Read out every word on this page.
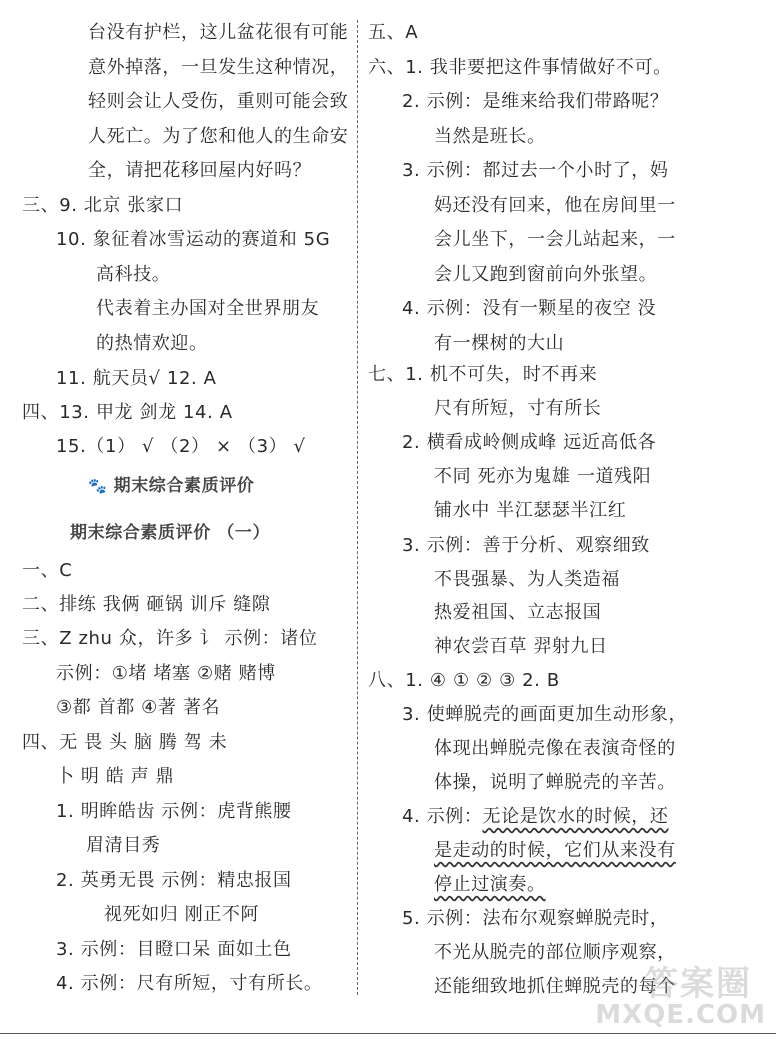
台没有护栏，这儿盆花很有可能
意外掉落，一旦发生这种情况，
轻则会让人受伤，重则可能会致
人死亡。为了您和他人的生命安
全，请把花移回屋内好吗？
三、9. 北京 张家口
10. 象征着冰雪运动的赛道和 5G
高科技。
代表着主办国对全世界朋友
的热情欢迎。
11. 航天员√ 12. A
四、13. 甲龙 剑龙 14. A
15.（1） √ （2） × （3） √
🐾 期末综合素质评价
期末综合素质评价 （一）
一、C
二、排练 我俩 砸锅 训斥 缝隙
三、Z zhu 众，许多 讠 示例：诸位
示例：①堵 堵塞 ②赌 赌博
③都 首都 ④著 著名
四、无 畏 头 脑 腾 驾 未
卜 明 皓 声 鼎
1. 明眸皓齿 示例：虎背熊腰
眉清目秀
2. 英勇无畏 示例：精忠报国
视死如归 刚正不阿
3. 示例：目瞪口呆 面如土色
4. 示例：尺有所短，寸有所长。
五、A
六、1. 我非要把这件事情做好不可。
2. 示例：是维来给我们带路呢？
当然是班长。
3. 示例：都过去一个小时了，妈
妈还没有回来，他在房间里一
会儿坐下，一会儿站起来，一
会儿又跑到窗前向外张望。
4. 示例：没有一颗星的夜空 没
有一棵树的大山
七、1. 机不可失，时不再来
尺有所短，寸有所长
2. 横看成岭侧成峰 远近高低各
不同 死亦为鬼雄 一道残阳
铺水中 半江瑟瑟半江红
3. 示例：善于分析、观察细致
不畏强暴、为人类造福
热爱祖国、立志报国
神农尝百草 羿射九日
八、1. ④ ① ② ③ 2. B
3. 使蝉脱壳的画面更加生动形象，
体现出蝉脱壳像在表演奇怪的
体操，说明了蝉脱壳的辛苦。
4. 示例：无论是饮水的时候，还
是走动的时候，它们从来没有
停止过演奏。
5. 示例：法布尔观察蝉脱壳时，
不光从脱壳的部位顺序观察，
还能细致地抓住蝉脱壳的每个
答案圈
MXQE.COM
